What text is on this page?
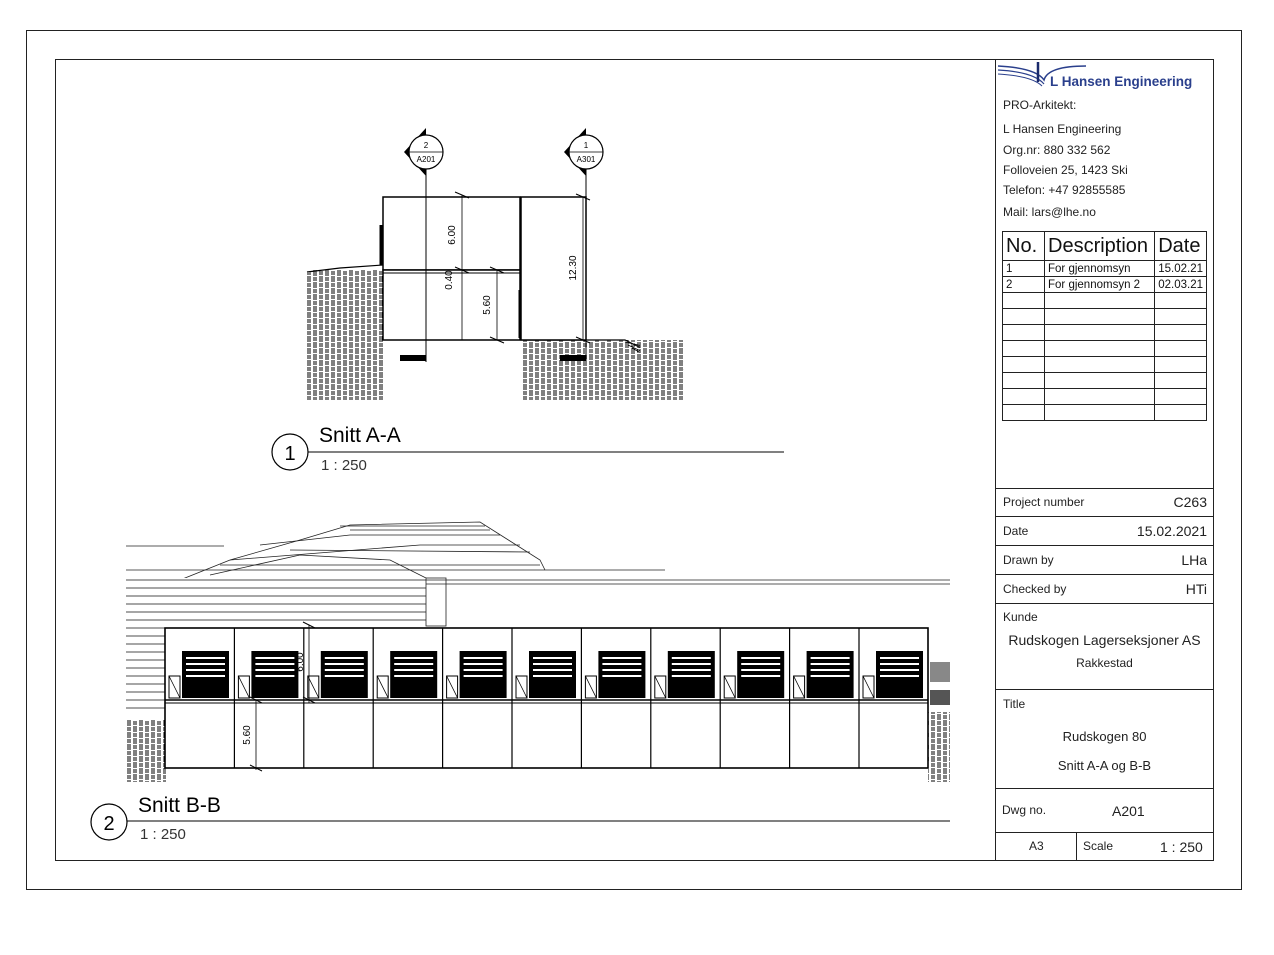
6.00
0.40
5.60
12.30
2
A201
1
A301
1
Snitt A-A
1 : 250
6.00
5.60
2
Snitt B-B
1 : 250
L Hansen Engineering
PRO-Arkitekt:
L Hansen Engineering
Org.nr: 880 332 562
Folloveien 25, 1423 Ski
Telefon: +47 92855585
Mail: lars@lhe.no
No.	Description	Date
1	For gjennomsyn	15.02.21
2	For gjennomsyn 2	02.03.21

Project number	C263
Date	15.02.2021
Drawn by	LHa
Checked by	HTi
Kunde
Rudskogen Lagerseksjoner AS
Rakkestad
Title
Rudskogen 80
Snitt A-A og B-B
Dwg no.	A201
A3	Scale	1 : 250
